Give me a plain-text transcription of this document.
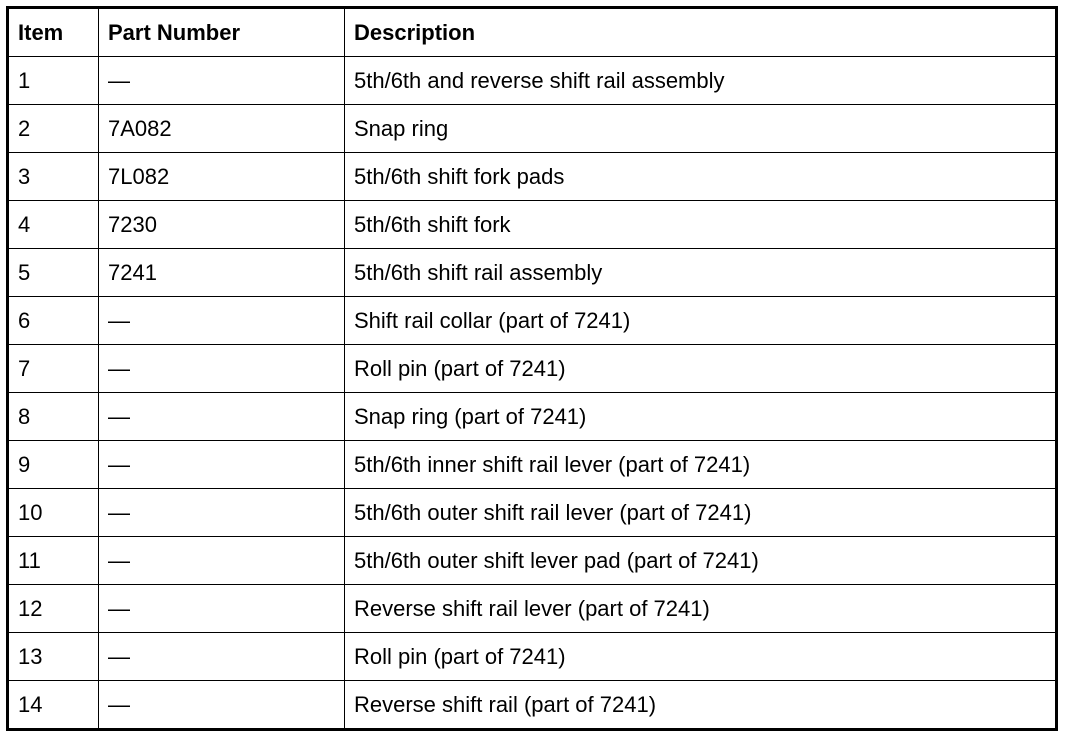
Item	Part Number	Description
1	—	5th/6th and reverse shift rail assembly
2	7A082	Snap ring
3	7L082	5th/6th shift fork pads
4	7230	5th/6th shift fork
5	7241	5th/6th shift rail assembly
6	—	Shift rail collar (part of 7241)
7	—	Roll pin (part of 7241)
8	—	Snap ring (part of 7241)
9	—	5th/6th inner shift rail lever (part of 7241)
10	—	5th/6th outer shift rail lever (part of 7241)
11	—	5th/6th outer shift lever pad (part of 7241)
12	—	Reverse shift rail lever (part of 7241)
13	—	Roll pin (part of 7241)
14	—	Reverse shift rail (part of 7241)
